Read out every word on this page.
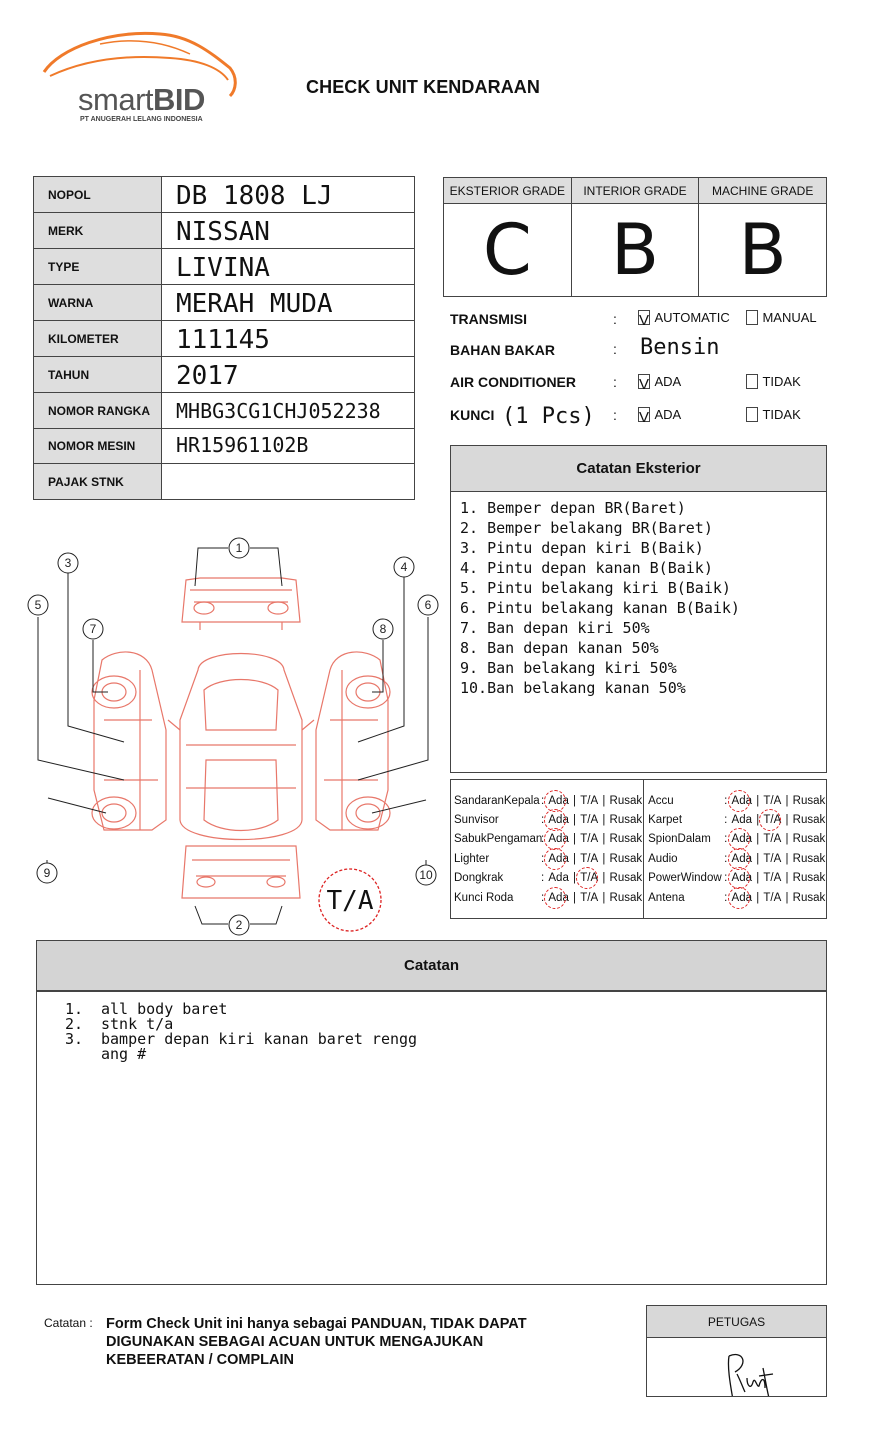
smartBID
PT ANUGERAH LELANG INDONESIA
CHECK UNIT KENDARAAN
NOPOL	DB 1808 LJ
MERK	NISSAN
TYPE	LIVINA
WARNA	MERAH MUDA
KILOMETER	111145
TAHUN	2017
NOMOR RANGKA	MHBG3CG1CHJ052238
NOMOR MESIN	HR15961102B
PAJAK STNK
EKSTERIOR GRADE
C
INTERIOR GRADE
B
MACHINE GRADE
B
TRANSMISI	: V AUTOMATIC	MANUAL
BAHAN BAKAR	: Bensin
AIR CONDITIONER	: V ADA	TIDAK
KUNCI (1 Pcs) : V ADA	TIDAK
Catatan Eksterior
1. Bemper depan BR(Baret)
2. Bemper belakang BR(Baret)
3. Pintu depan kiri B(Baik)
4. Pintu depan kanan B(Baik)
5. Pintu belakang kiri B(Baik)
6. Pintu belakang kanan B(Baik)
7. Ban depan kiri 50%
8. Ban depan kanan 50%
9. Ban belakang kiri 50%
10.Ban belakang kanan 50%
SandaranKepala : Ada | T/A | Rusak
Sunvisor	: Ada | T/A | Rusak
SabukPengaman
: Ada | T/A | Rusak
Lighter	: Ada | T/A | Rusak
Dongkrak	: Ada | T/A | Rusak
Kunci Roda	: Ada | T/A | Rusak
Accu	: Ada | T/A | Rusak
Karpet	: Ada | T/A | Rusak
SpionDalam	: Ada | T/A | Rusak
Audio	: Ada | T/A | Rusak
PowerWindow : Ada | T/A | Rusak
Antena	: Ada | T/A | Rusak
1
2
3	4
5	6
7	8
9	10
T/A
Catatan
1.	all body baret
2.	stnk t/a
3.	bamper depan kiri kanan baret rengg ang #
Catatan : Form Check Unit ini hanya sebagai PANDUAN, TIDAK DAPAT DIGUNAKAN SEBAGAI ACUAN UNTUK MENGAJUKAN KEBEERATAN / COMPLAIN
PETUGAS
